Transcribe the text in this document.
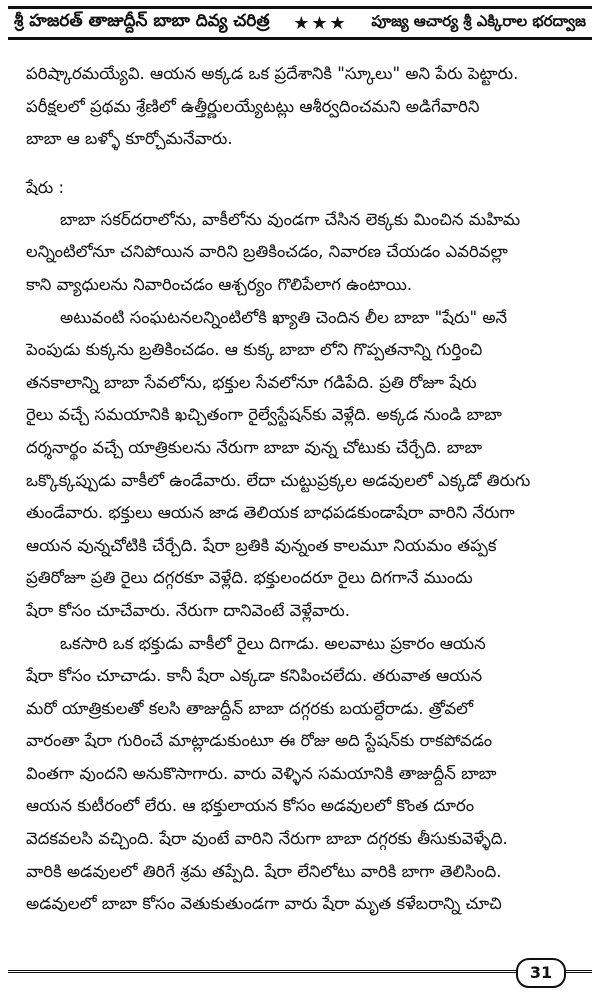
శ్రీ హజరత్ తాజుద్దీన్ బాబా దివ్య చరిత్ర ★★★ పూజ్య ఆచార్య శ్రీ ఎక్కిరాల భరద్వాజ
పరిష్కారమయ్యేవి. ఆయన అక్కడ ఒక ప్రదేశానికి "స్కూలు" అని పేరు పెట్టారు.
పరీక్షలలో ప్రథమ శ్రేణిలో ఉత్తీర్ణులయ్యేటట్లు ఆశీర్వదించమని అడిగేవారిని
బాబా ఆ బళ్ళో కూర్చోమనేవారు.
షేరు :
బాబా సకర్‌దరాలోను, వాకీలోను వుండగా చేసిన లెక్కకు మించిన మహిమ
లన్నింటిలోనూ చనిపోయిన వారిని బ్రతికించడం, నివారణ చేయడం ఎవరివల్లా
కాని వ్యాధులను నివారించడం ఆశ్చర్యం గొలిపేలాగ ఉంటాయి.
అటువంటి సంఘటనలన్నింటిలోకి ఖ్యాతి చెందిన లీల బాబా "షేరు" అనే
పెంపుడు కుక్కను బ్రతికించడం. ఆ కుక్క బాబా లోని గొప్పతనాన్ని గుర్తించి
తనకాలాన్ని బాబా సేవలోను, భక్తుల సేవలోనూ గడిపేది. ప్రతి రోజూ షేరు
రైలు వచ్చే సమయానికి ఖచ్చితంగా రైల్వేస్టేషన్‌కు వెళ్లేది. అక్కడ నుండి బాబా
దర్శనార్థం వచ్చే యాత్రికులను నేరుగా బాబా వున్న చోటుకు చేర్చేది. బాబా
ఒక్కొక్కప్పుడు వాకీలో ఉండేవారు. లేదా చుట్టుప్రక్కల అడవులలో ఎక్కడో తిరుగు
తుండేవారు. భక్తులు ఆయన జాడ తెలియక బాధపడకుండాషేరా వారిని నేరుగా
ఆయన వున్నచోటికి చేర్చేది. షేరా బ్రతికి వున్నంత కాలమూ నియమం తప్పక
ప్రతిరోజూ ప్రతి రైలు దగ్గరకూ వెళ్లేది. భక్తులందరూ రైలు దిగగానే ముందు
షేరా కోసం చూచేవారు. నేరుగా దానివెంటే వెళ్లేవారు.
ఒకసారి ఒక భక్తుడు వాకీలో రైలు దిగాడు. అలవాటు ప్రకారం ఆయన
షేరా కోసం చూచాడు. కానీ షేరా ఎక్కడా కనిపించలేదు. తరువాత ఆయన
మరో యాత్రికులతో కలసి తాజుద్దీన్ బాబా దగ్గరకు బయల్దేరాడు. త్రోవలో
వారంతా షేరా గురించే మాట్లాడుకుంటూ ఈ రోజు అది స్టేషన్‌కు రాకపోవడం
వింతగా వుందని అనుకొసాగారు. వారు వెళ్ళిన సమయానికి తాజుద్దీన్ బాబా
ఆయన కుటీరంలో లేరు. ఆ భక్తులాయన కోసం అడవులలో కొంత దూరం
వెదకవలసి వచ్చింది. షేరా వుంటే వారిని నేరుగా బాబా దగ్గరకు తీసుకువెళ్ళేది.
వారికి అడవులలో తిరిగే శ్రమ తప్పేది. షేరా లేనిలోటు వారికి బాగా తెలిసింది.
అడవులలో బాబా కోసం వెతుకుతుండగా వారు షేరా మృత కళేబరాన్ని చూచి
31
